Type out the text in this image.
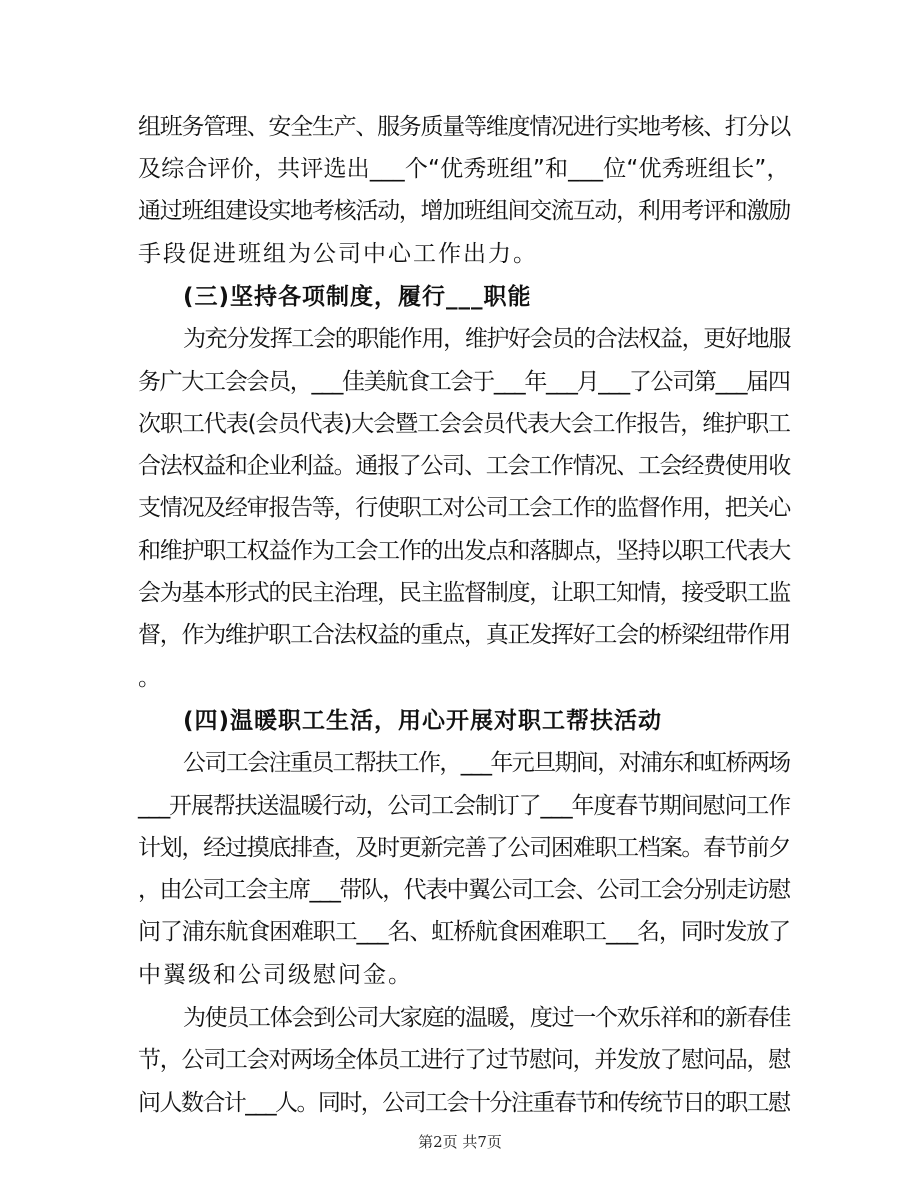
组班务管理、安全生产、服务质量等维度情况进行实地考核、打分以
及综合评价，共评选出___个“优秀班组”和___位“优秀班组长”，
通过班组建设实地考核活动，增加班组间交流互动，利用考评和激励
手段促进班组为公司中心工作出力。
(三)坚持各项制度，履行___职能
为充分发挥工会的职能作用，维护好会员的合法权益，更好地服
务广大工会会员，___佳美航食工会于___年___月___了公司第___届四
次职工代表(会员代表)大会暨工会会员代表大会工作报告，维护职工
合法权益和企业利益。通报了公司、工会工作情况、工会经费使用收
支情况及经审报告等，行使职工对公司工会工作的监督作用，把关心
和维护职工权益作为工会工作的出发点和落脚点，坚持以职工代表大
会为基本形式的民主治理，民主监督制度，让职工知情，接受职工监
督，作为维护职工合法权益的重点，真正发挥好工会的桥梁纽带作用
。
(四)温暖职工生活，用心开展对职工帮扶活动
公司工会注重员工帮扶工作，___年元旦期间，对浦东和虹桥两场
___开展帮扶送温暖行动，公司工会制订了___年度春节期间慰问工作
计划，经过摸底排查，及时更新完善了公司困难职工档案。春节前夕
，由公司工会主席___带队，代表中翼公司工会、公司工会分别走访慰
问了浦东航食困难职工___名、虹桥航食困难职工___名，同时发放了
中翼级和公司级慰问金。
为使员工体会到公司大家庭的温暖，度过一个欢乐祥和的新春佳
节，公司工会对两场全体员工进行了过节慰问，并发放了慰问品，慰
问人数合计___人。同时，公司工会十分注重春节和传统节日的职工慰
第2页 共7页
